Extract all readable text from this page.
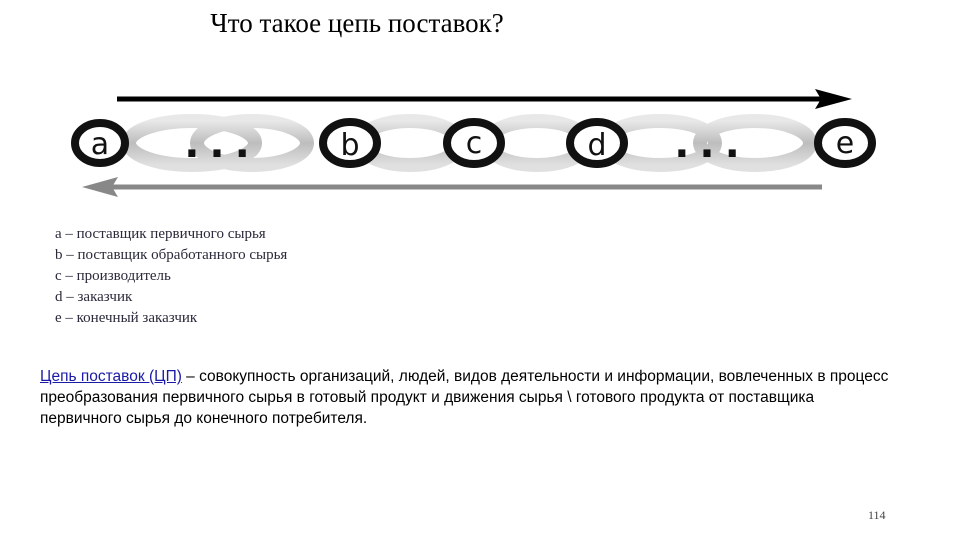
Что такое цепь поставок?
a	b	c	d	e
...	...
a – поставщик первичного сырья
b – поставщик обработанного сырья
c – производитель
d – заказчик
e – конечный заказчик
Цепь поставок (ЦП) – совокупность организаций, людей, видов деятельности и информации, вовлеченных в процесс преобразования первичного сырья в готовый продукт и движения сырья \ готового продукта от поставщика первичного сырья до конечного потребителя.
114
